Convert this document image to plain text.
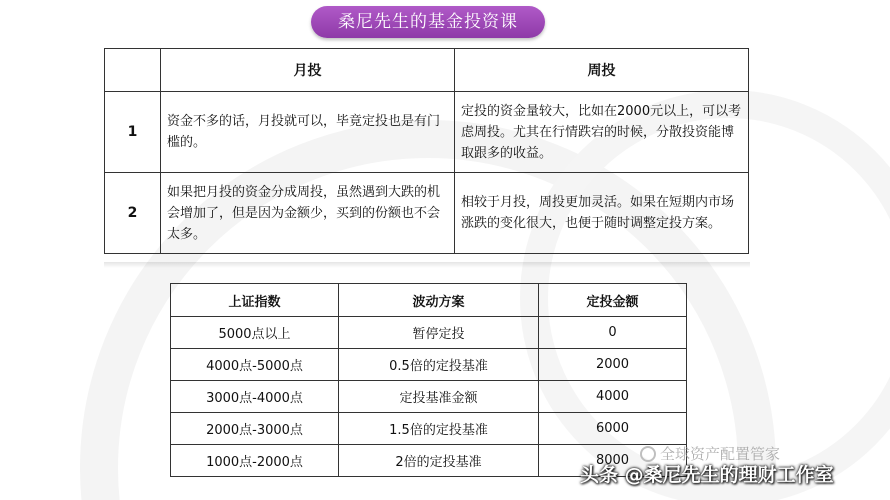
桑尼先生的基金投资课
	月投	周投
1	资金不多的话，月投就可以，毕竟定投也是有门槛的。	定投的资金量较大，比如在2000元以上，可以考虑周投。尤其在行情跌宕的时候，分散投资能博取跟多的收益。
2	如果把月投的资金分成周投，虽然遇到大跌的机会增加了，但是因为金额少，买到的份额也不会太多。	相较于月投，周投更加灵活。如果在短期内市场涨跌的变化很大，也便于随时调整定投方案。
上证指数	波动方案	定投金额
5000点以上	暂停定投	0
4000点-5000点	0.5倍的定投基准	2000
3000点-4000点	定投基准金额	4000
2000点-3000点	1.5倍的定投基准	6000
1000点-2000点	2倍的定投基准	8000	全球资产配置管家
头条 @桑尼先生的理财工作室
